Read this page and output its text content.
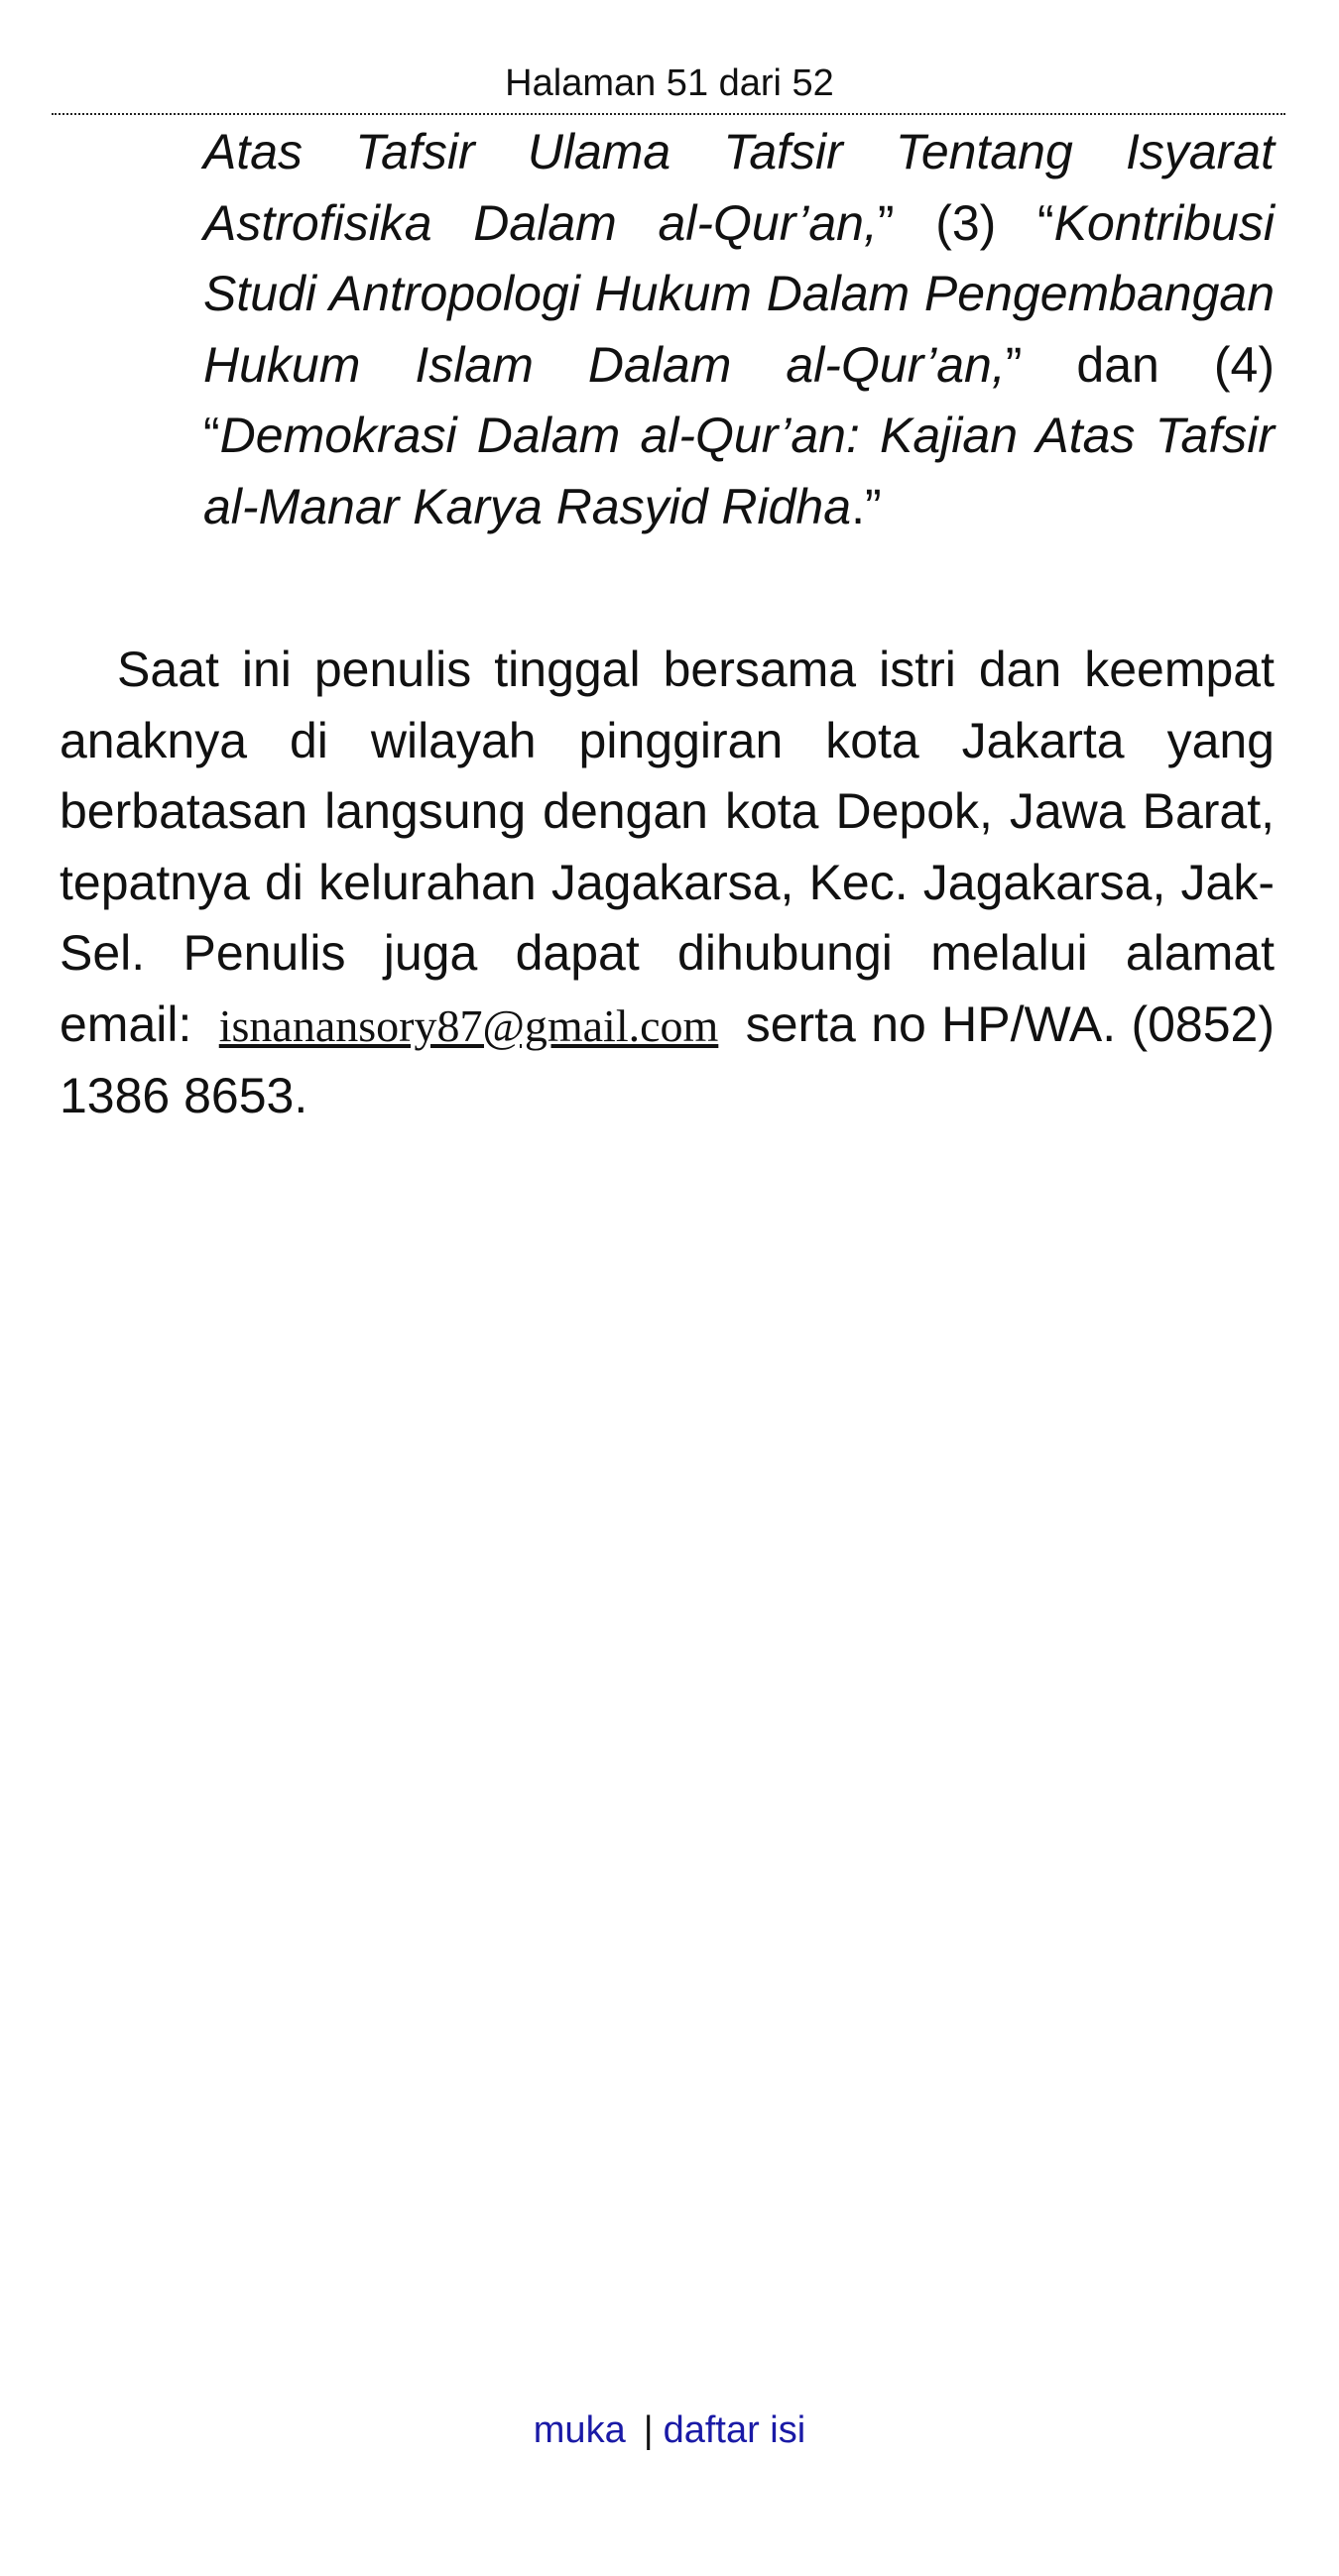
Halaman 51 dari 52

Atas Tafsir Ulama Tafsir Tentang Isyarat Astrofisika Dalam al-Qur’an,” (3) “Kontribusi Studi Antropologi Hukum Dalam Pengembangan Hukum Islam Dalam al-Qur’an,” dan (4) “Demokrasi Dalam al-Qur’an: Kajian Atas Tafsir al-Manar Karya Rasyid Ridha.”

Saat ini penulis tinggal bersama istri dan keempat anaknya di wilayah pinggiran kota Jakarta yang berbatasan langsung dengan kota Depok, Jawa Barat, tepatnya di kelurahan Jagakarsa, Kec. Jagakarsa, Jak-Sel. Penulis juga dapat dihubungi melalui alamat email: isnanansory87@gmail.com serta no HP/WA. (0852) 1386 8653.

muka | daftar isi
